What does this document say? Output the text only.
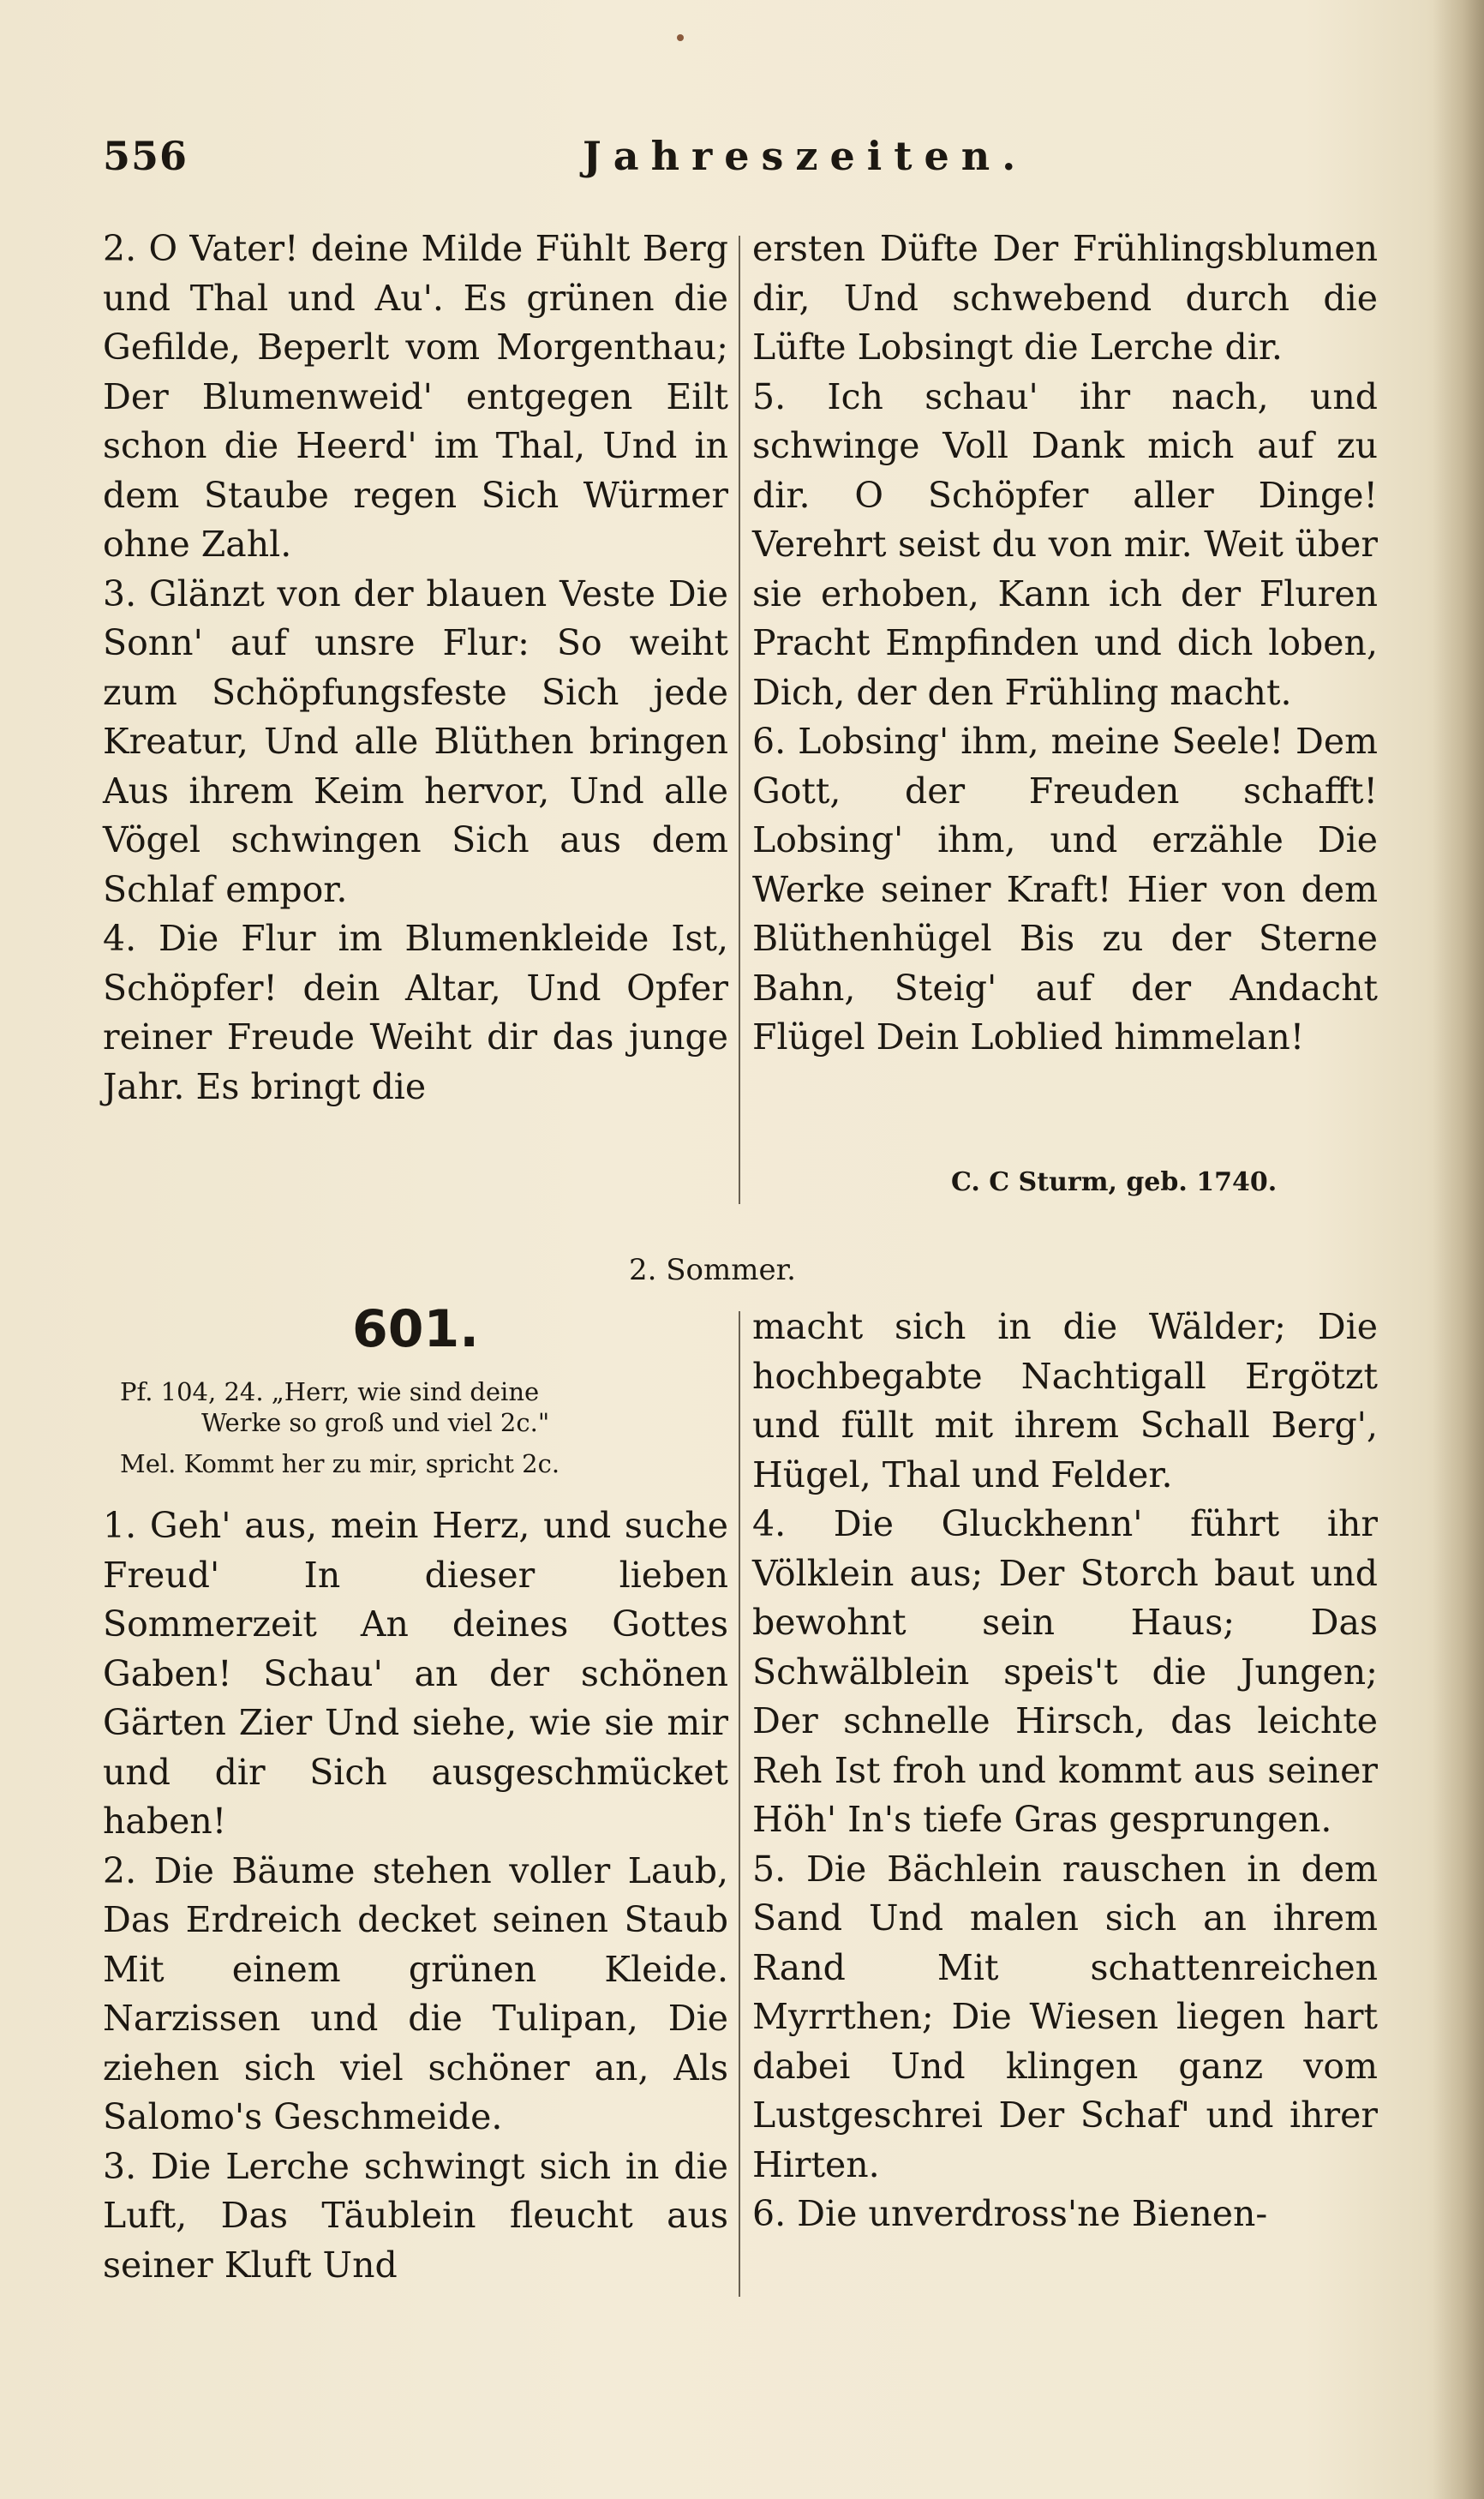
556	Jahreszeiten.

2. O Vater! deine Milde Fühlt Berg und Thal und Au'. Es grünen die Gefilde, Beperlt vom Morgenthau; Der Blumenweid' entgegen Eilt schon die Heerd' im Thal, Und in dem Staube regen Sich Würmer ohne Zahl.

3. Glänzt von der blauen Veste Die Sonn' auf unsre Flur: So weiht zum Schöpfungsfeste Sich jede Kreatur, Und alle Blüthen bringen Aus ihrem Keim hervor, Und alle Vögel schwingen Sich aus dem Schlaf empor.

4. Die Flur im Blumenkleide Ist, Schöpfer! dein Altar, Und Opfer reiner Freude Weiht dir das junge Jahr. Es bringt die

ersten Düfte Der Frühlingsblumen dir, Und schwebend durch die Lüfte Lobsingt die Lerche dir.

5. Ich schau' ihr nach, und schwinge Voll Dank mich auf zu dir. O Schöpfer aller Dinge! Verehrt seist du von mir. Weit über sie erhoben, Kann ich der Fluren Pracht Empfinden und dich loben, Dich, der den Frühling macht.

6. Lobsing' ihm, meine Seele! Dem Gott, der Freuden schafft! Lobsing' ihm, und erzähle Die Werke seiner Kraft! Hier von dem Blüthenhügel Bis zu der Sterne Bahn, Steig' auf der Andacht Flügel Dein Loblied himmelan!

C. C Sturm, geb. 1740.
2. Sommer.
601.
Pf. 104, 24. „Herr, wie sind deine
Werke so groß und viel 2c."
Mel. Kommt her zu mir, spricht 2c.

1. Geh' aus, mein Herz, und suche Freud' In dieser lieben Sommerzeit An deines Gottes Gaben! Schau' an der schönen Gärten Zier Und siehe, wie sie mir und dir Sich ausgeschmücket haben!

2. Die Bäume stehen voller Laub, Das Erdreich decket seinen Staub Mit einem grünen Kleide. Narzissen und die Tulipan, Die ziehen sich viel schöner an, Als Salomo's Geschmeide.

3. Die Lerche schwingt sich in die Luft, Das Täublein fleucht aus seiner Kluft Und

macht sich in die Wälder; Die hochbegabte Nachtigall Ergötzt und füllt mit ihrem Schall Berg', Hügel, Thal und Felder.

4. Die Gluckhenn' führt ihr Völklein aus; Der Storch baut und bewohnt sein Haus; Das Schwälblein speis't die Jungen; Der schnelle Hirsch, das leichte Reh Ist froh und kommt aus seiner Höh' In's tiefe Gras gesprungen.

5. Die Bächlein rauschen in dem Sand Und malen sich an ihrem Rand Mit schattenreichen Myrrthen; Die Wiesen liegen hart dabei Und klingen ganz vom Lustgeschrei Der Schaf' und ihrer Hirten.

6. Die unverdross'ne Bienen-
